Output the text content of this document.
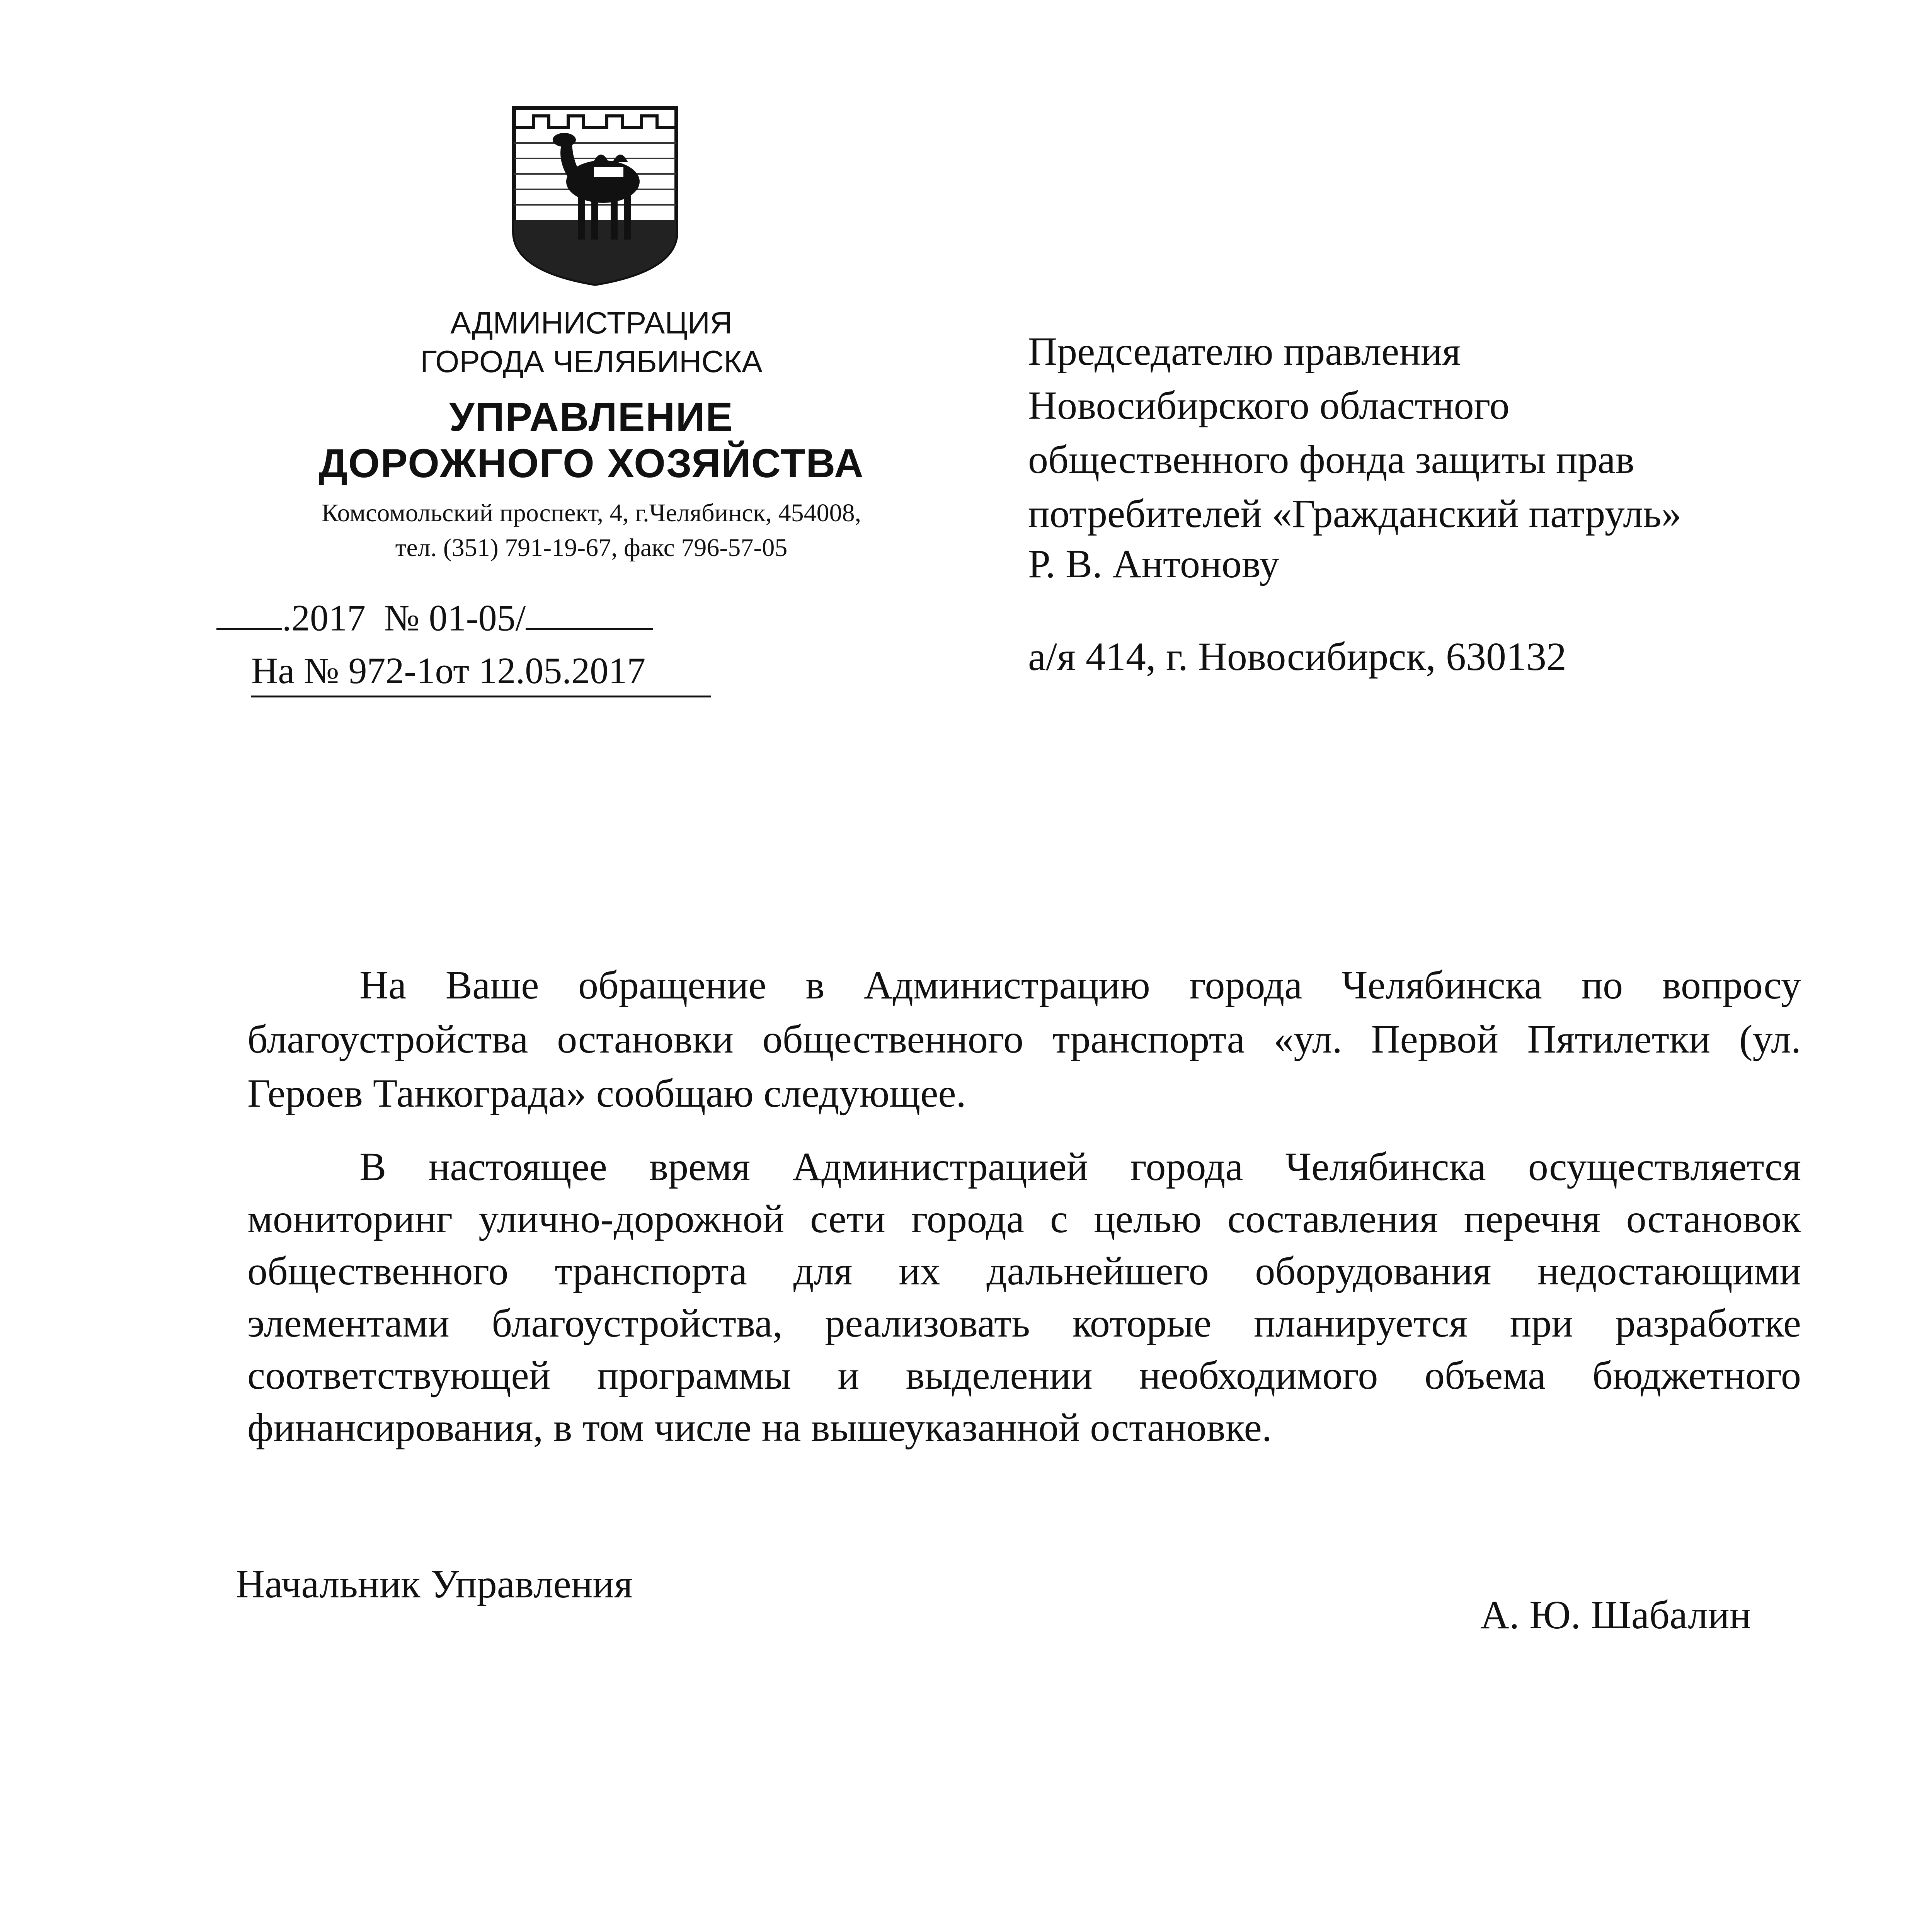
АДМИНИСТРАЦИЯ
ГОРОДА ЧЕЛЯБИНСКА
УПРАВЛЕНИЕ
ДОРОЖНОГО ХОЗЯЙСТВА
Комсомольский проспект, 4, г.Челябинск, 454008,
тел. (351) 791-19-67, факс 796-57-05
.2017 № 01-05/
На № 972-1от 12.05.2017
Председателю правления
Новосибирского областного
общественного фонда защиты прав
потребителей «Гражданский патруль»
Р. В. Антонову
а/я 414, г. Новосибирск, 630132
На Ваше обращение в Администрацию города Челябинска по вопросу
благоустройства остановки общественного транспорта «ул. Первой Пятилетки (ул.
Героев Танкограда» сообщаю следующее.
В настоящее время Администрацией города Челябинска осуществляется
мониторинг улично-дорожной сети города с целью составления перечня остановок
общественного транспорта для их дальнейшего оборудования недостающими
элементами благоустройства, реализовать которые планируется при разработке
соответствующей программы и выделении необходимого объема бюджетного
финансирования, в том числе на вышеуказанной остановке.
Начальник Управления
А. Ю. Шабалин
